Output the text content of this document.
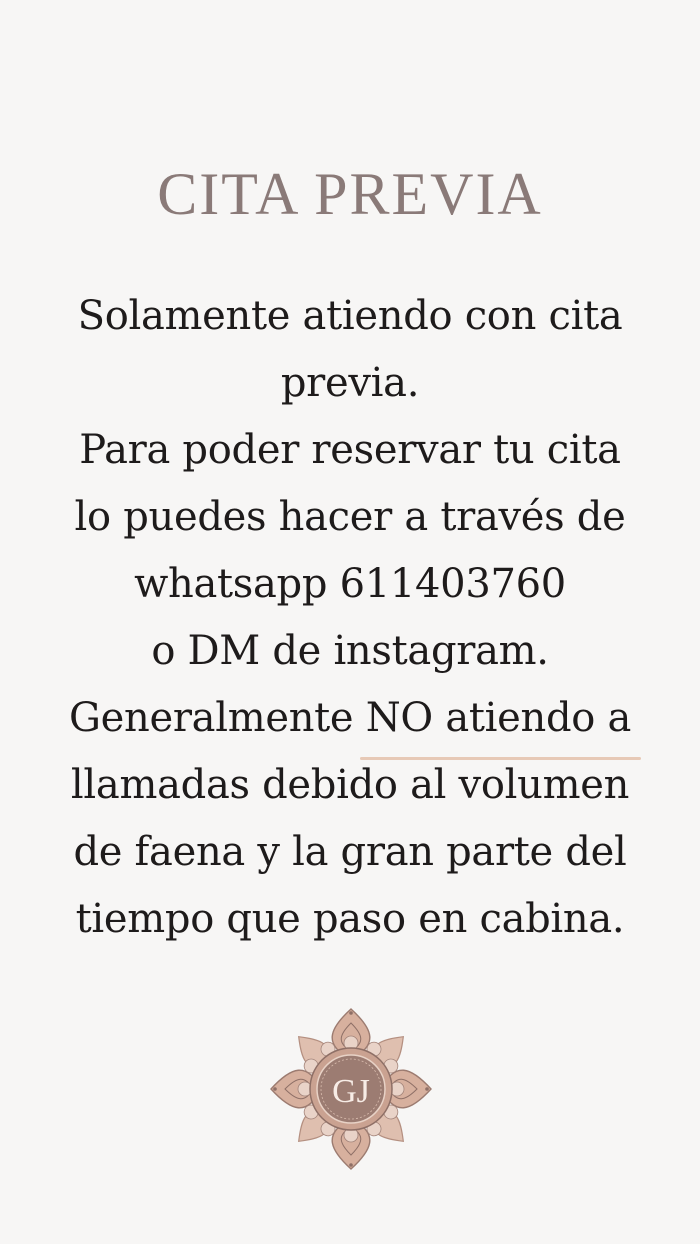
CITA PREVIA
Solamente atiendo con cita
previa.
Para poder reservar tu cita
lo puedes hacer a través de
whatsapp 611403760
o DM de instagram.
Generalmente NO atiendo a
llamadas debido al volumen
de faena y la gran parte del
tiempo que paso en cabina.
GJ
